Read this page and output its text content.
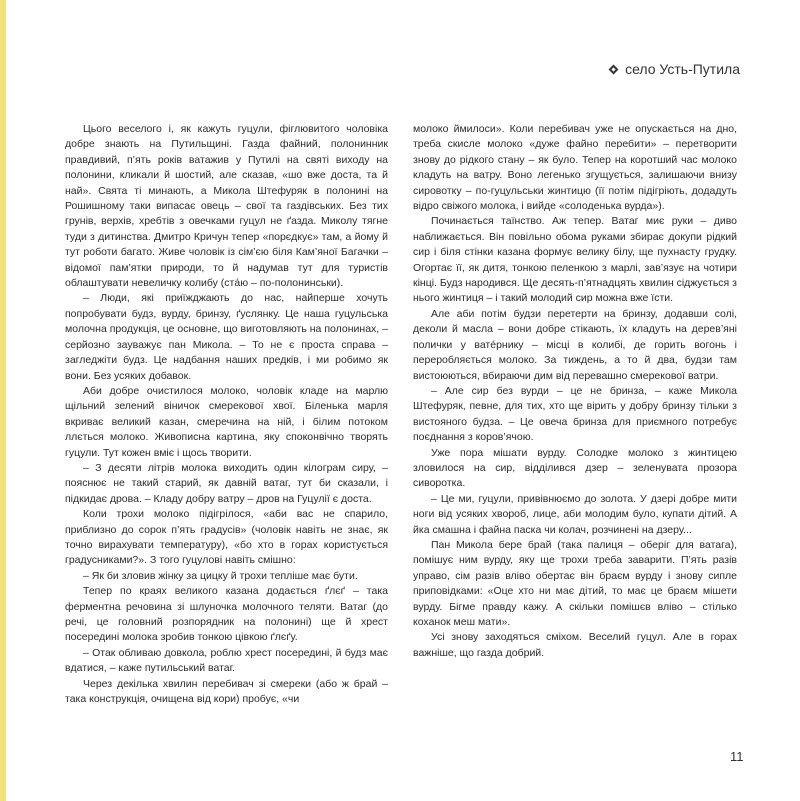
село Усть-Путила

Цього веселого і, як кажуть гуцули, фіглювитого чоловіка добре знають на Путильщині. Газда файний, полонинник правдивий, п’ять років ватажив у Путилі на святі виходу на полонини, кликали й шостий, але сказав, «шо вже доста, та й най». Свята ті минають, а Микола Штефуряк в полонині на Рошишному таки випасає овець – свої та газдівських. Без тих грунів, верхів, хребтів з овечками гуцул не ґазда. Миколу тягне туди з дитинства. Дмитро Кричун тепер «порєдкує» там, а йому й тут роботи багато. Живе чоловік із сім’єю біля Кам’яної Багачки – відомої пам’ятки природи, то й надумав тут для туристів облаштувати невеличку колибу (стáю – по-полонинськи).

– Люди, які приїжджають до нас, найперше хочуть попробувати будз, вурду, бринзу, ґуслянку. Це наша гуцульська молочна продукція, це основне, що виготовляють на полонинах, – серйозно зауважує пан Микола. – То не є проста справа – загледжіти будз. Це надбання наших предків, і ми робимо як вони. Без усяких добавок.

Аби добре очистилося молоко, чоловік кладе на марлю щільний зелений віничок смерекової хвої. Біленька марля вкриває великий казан, смеречина на ній, і білим потоком ллється молоко. Живописна картина, яку споконвічно творять гуцули. Тут кожен вміє і щось творити.

– З десяти літрів молока виходить один кілограм сиру, – пояснює не такий старий, як давній ватаг, тут би сказали, і підкидає дрова. – Кладу добру ватру – дров на Гуцулії є доста.

Коли трохи молоко підігрілося, «аби вас не спарило, приблизно до сорок п’ять градусів» (чоловік навіть не знає, як точно вирахувати температуру), «бо хто в горах користується градусниками?». З того гуцулові навіть смішно:

– Як би зловив жінку за цицку й трохи тепліше має бути.

Тепер по краях великого казана додається ґлєґ – така ферментна речовина зі шлуночка молочного теляти. Ватаг (до речі, це головний розпорядник на полонині) ще й хрест посередині молока зробив тонкою цівкою ґлєґу.

– Отак обливаю довкола, роблю хрест посередині, й будз має вдатися, – каже путильський ватаг.

Через декілька хвилин перебивач зі смереки (або ж брай – така конструкція, очищена від кори) пробує, «чи

молоко ймилоси». Коли перебивач уже не опускається на дно, треба скисле молоко «дуже файно перебити» – перетворити знову до рідкого стану – як було. Тепер на коротший час молоко кладуть на ватру. Воно легенько згущується, залишаючи внизу сировотку – по-гуцульськи жинтицю (її потім підігріють, додадуть відро свіжого молока, і вийде «солоденька вурда»).

Починається таїнство. Аж тепер. Ватаг миє руки – диво наближається. Він повільно обома руками збирає докупи рідкий сир і біля стінки казана формує велику білу, ще пухнасту грудку. Огортає її, як дитя, тонкою пеленкою з марлі, зав’язує на чотири кінці. Будз народився. Ще десять-п’ятнадцять хвилин сіджується з нього жинтиця – і такий молодий сир можна вже їсти.

Але аби потім будзи перетерти на бринзу, додавши солі, деколи й масла – вони добре стікають, їх кладуть на дерев’яні полички у ватéрнику – місці в колибі, де горить вогонь і переробляється молоко. За тиждень, а то й два, будзи там вистоюються, вбираючи дим від перевашно смерекової ватри.

– Але сир без вурди – це не бринза, – каже Микола Штефуряк, певне, для тих, хто ще вірить у добру бринзу тільки з вистояного будза. – Це овеча бринза для приємного потребує поєднання з коров’ячою.

Уже пора мішати вурду. Солодке молоко з жинтицею зловилося на сир, відділився дзер – зеленувата прозора сиворотка.

– Це ми, гуцули, привівнюємо до золота. У дзері добре мити ноги від усяких хвороб, лице, аби молодим було, купати дітий. А йка смашна і файна паска чи колач, розчинені на дзеру...

Пан Микола бере брай (така палиця – оберіг для ватага), помішує ним вурду, яку ще трохи треба заварити. П’ять разів управо, сім разів вліво обертає він браєм вурду і знову сипле приповідками: «Оце хто ни має дітий, то має це браєм мішети вурду. Бігме правду кажу. А скільки помішєв вліво – стілько коханок меш мати».

Усі знову заходяться сміхом. Веселий гуцул. Але в горах важніше, що газда добрий.

11
